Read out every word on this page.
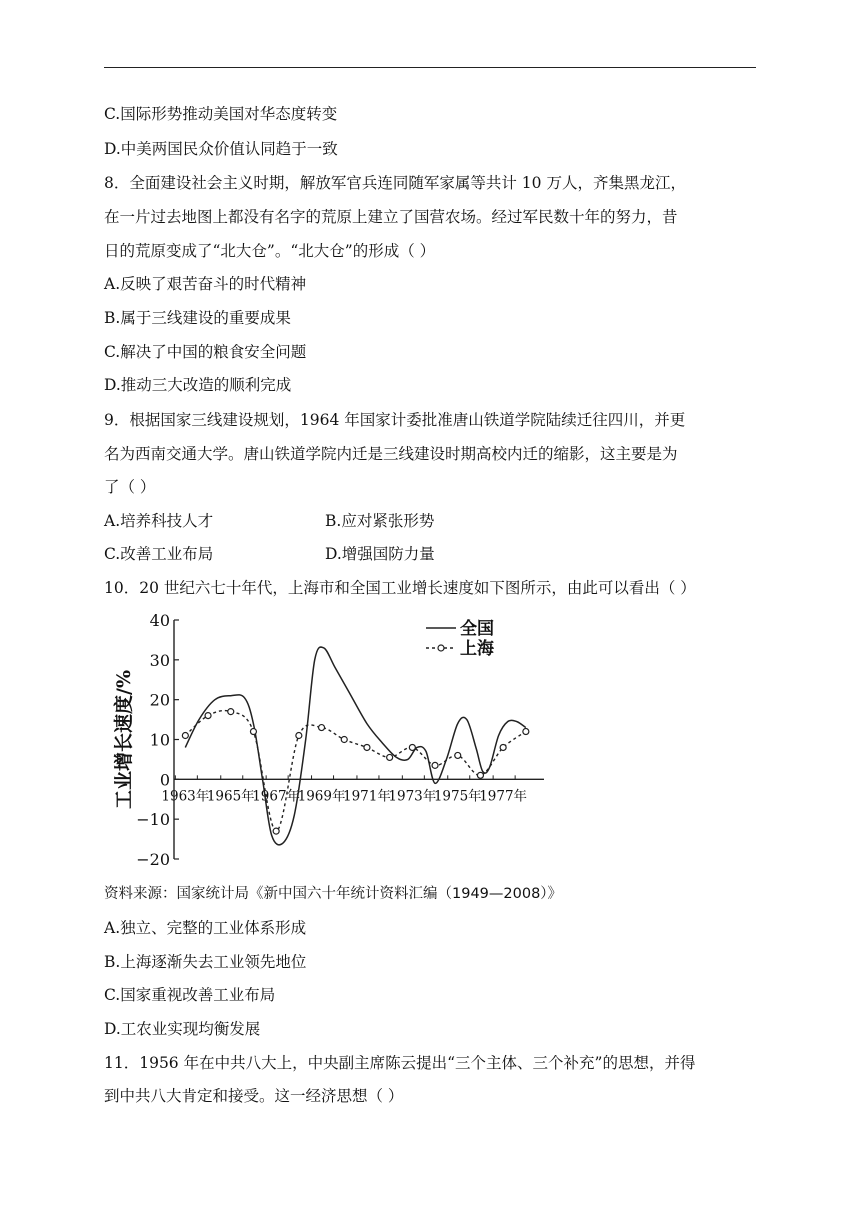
C.国际形势推动美国对华态度转变
D.中美两国民众价值认同趋于一致
8．全面建设社会主义时期，解放军官兵连同随军家属等共计 10 万人，齐集黑龙江，
在一片过去地图上都没有名字的荒原上建立了国营农场。经过军民数十年的努力，昔
日的荒原变成了“北大仓”。“北大仓”的形成（ ）
A.反映了艰苦奋斗的时代精神
B.属于三线建设的重要成果
C.解决了中国的粮食安全问题
D.推动三大改造的顺利完成
9．根据国家三线建设规划，1964 年国家计委批准唐山铁道学院陆续迁往四川，并更
名为西南交通大学。唐山铁道学院内迁是三线建设时期高校内迁的缩影，这主要是为
了（ ）
A.培养科技人才	B.应对紧张形势
C.改善工业布局	D.增强国防力量
10．20 世纪六七十年代，上海市和全国工业增长速度如下图所示，由此可以看出（ ）
40
30
20
10
0
−10
−20
1963年
1965年
1967年
1969年
1971年
1973年
1975年
1977年
工业增长速度/%
全国
上海
资料来源：国家统计局《新中国六十年统计资料汇编（1949—2008）》
A.独立、完整的工业体系形成
B.上海逐渐失去工业领先地位
C.国家重视改善工业布局
D.工农业实现均衡发展
11．1956 年在中共八大上，中央副主席陈云提出“三个主体、三个补充”的思想，并得
到中共八大肯定和接受。这一经济思想（ ）
